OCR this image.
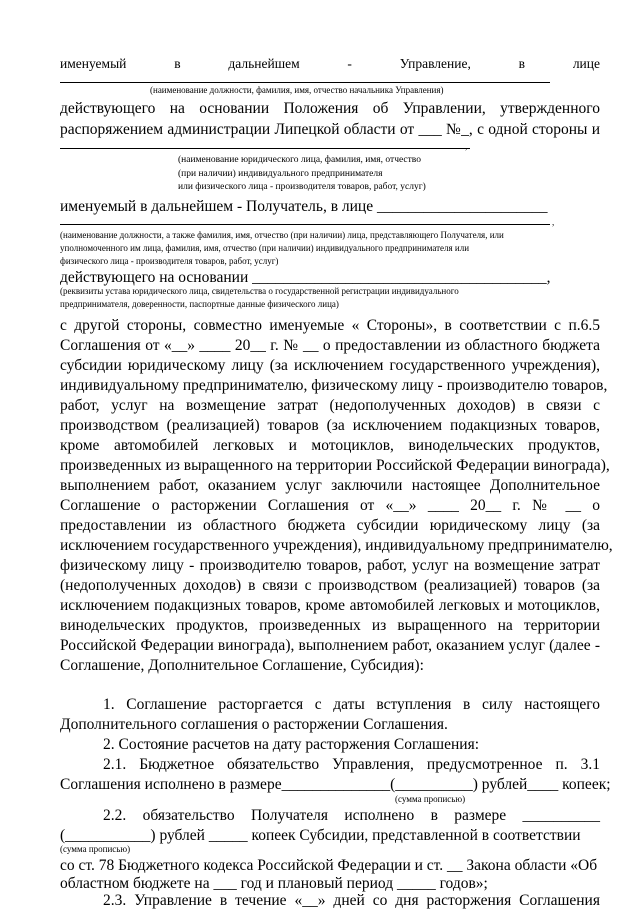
именуемый в дальнейшем - Управление, в лице
(наименование должности, фамилия, имя, отчество начальника Управления)
действующего на основании Положения об Управлении, утвержденного
распоряжением администрации Липецкой области от ___ №_, с одной стороны и
,
(наименование юридического лица, фамилия, имя, отчество
(при наличии) индивидуального предпринимателя
или физического лица - производителя товаров, работ, услуг)
именуемый в дальнейшем - Получатель, в лице ______________________
,
(наименование должности, а также фамилия, имя, отчество (при наличии) лица, представляющего Получателя, или
уполномоченного им лица, фамилия, имя, отчество (при наличии) индивидуального предпринимателя или
физического лица - производителя товаров, работ, услуг)
действующего на основании ______________________________________,
(реквизиты устава юридического лица, свидетельства о государственной регистрации индивидуального
предпринимателя, доверенности, паспортные данные физического лица)
с другой стороны, совместно именуемые « Стороны», в соответствии с п.6.5
Соглашения от «__» ____ 20__ г. № __ о предоставлении из областного бюджета
субсидии юридическому лицу (за исключением государственного учреждения),
индивидуальному предпринимателю, физическому лицу - производителю товаров,
работ, услуг на возмещение затрат (недополученных доходов) в связи с
производством (реализацией) товаров (за исключением подакцизных товаров,
кроме автомобилей легковых и мотоциклов, винодельческих продуктов,
произведенных из выращенного на территории Российской Федерации винограда),
выполнением работ, оказанием услуг заключили настоящее Дополнительное
Соглашение о расторжении Соглашения от «__» ____ 20__ г. № __ о
предоставлении из областного бюджета субсидии юридическому лицу (за
исключением государственного учреждения), индивидуальному предпринимателю,
физическому лицу - производителю товаров, работ, услуг на возмещение затрат
(недополученных доходов) в связи с производством (реализацией) товаров (за
исключением подакцизных товаров, кроме автомобилей легковых и мотоциклов,
винодельческих продуктов, произведенных из выращенного на территории
Российской Федерации винограда), выполнением работ, оказанием услуг (далее -
Соглашение, Дополнительное Соглашение, Субсидия):
1. Соглашение расторгается с даты вступления в силу настоящего
Дополнительного соглашения о расторжении Соглашения.
2. Состояние расчетов на дату расторжения Соглашения:
2.1. Бюджетное обязательство Управления, предусмотренное п. 3.1
Соглашения исполнено в размере______________(__________) рублей____ копеек;
(сумма прописью)
2.2. обязательство Получателя исполнено в размере __________
(___________) рублей _____ копеек Субсидии, представленной в соответствии
(сумма прописью)
со ст. 78 Бюджетного кодекса Российской Федерации и ст. __ Закона области «Об
областном бюджете на ___ год и плановый период _____ годов»;
2.3. Управление в течение «__» дней со дня расторжения Соглашения
